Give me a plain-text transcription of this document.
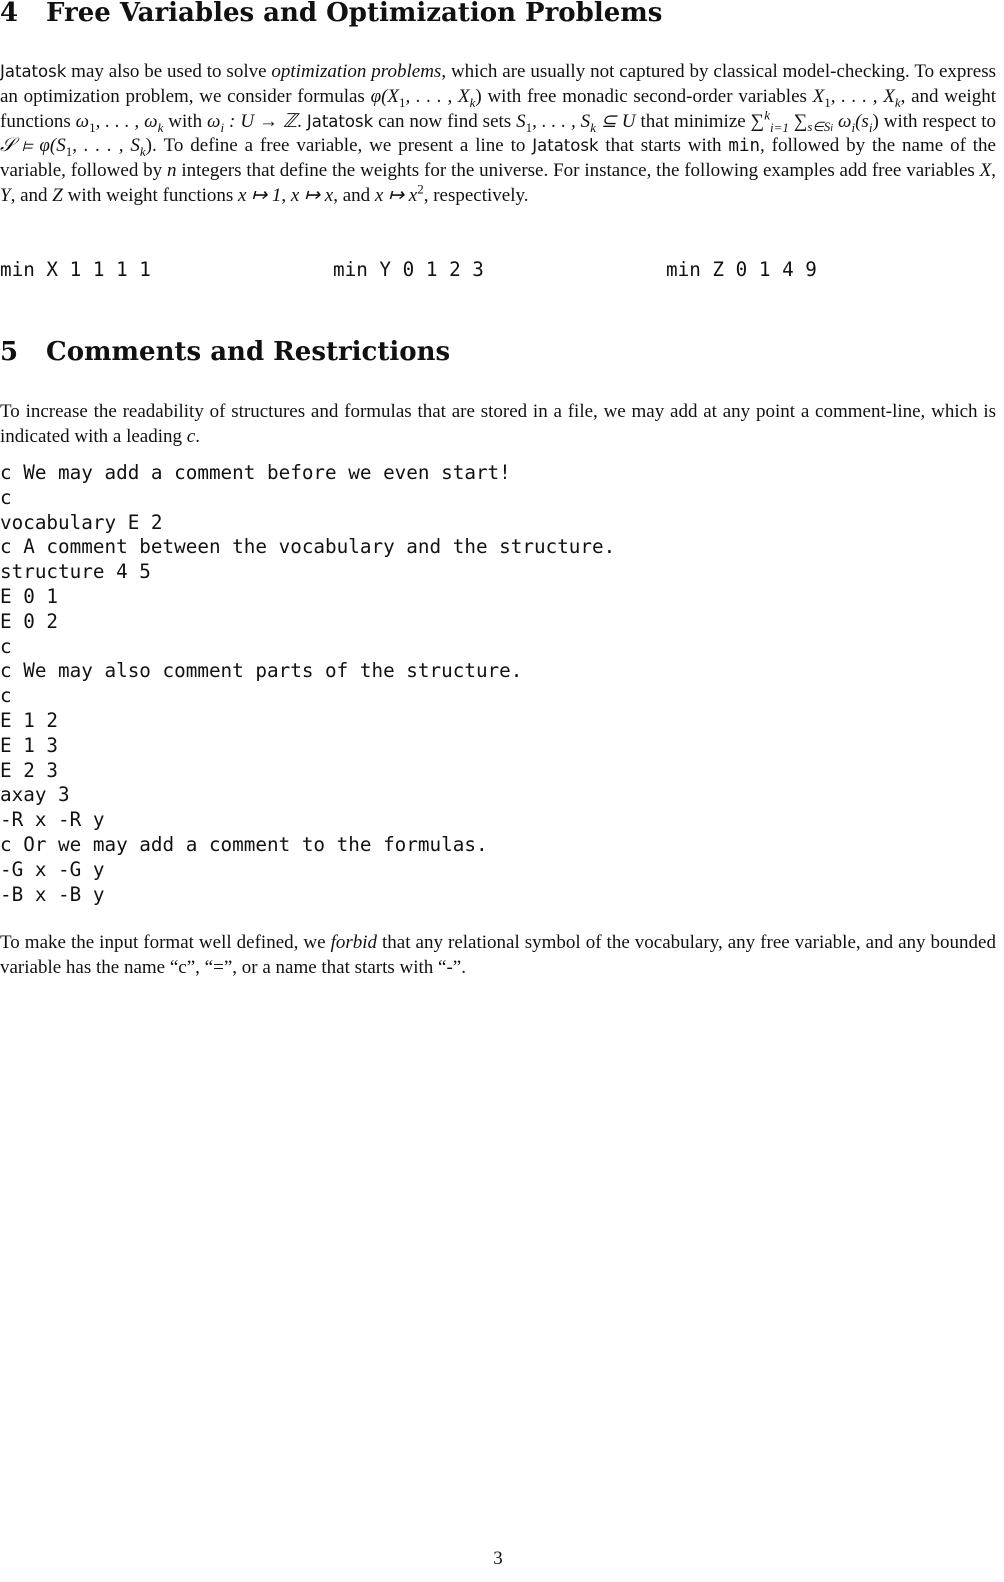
4 Free Variables and Optimization Problems

Jatatosk may also be used to solve optimization problems, which are usually not captured by classical model-checking. To express an optimization problem, we consider formulas $\varphi(X_1$, . . . , $X_k$) with free monadic second-order variables $X_1$, . . . , $X_k$, and weight functions $\omega_1$, . . . , $\omega_k$ with $\omega_i$ : U → ℤ. Jatatosk can now find sets $S_1$, . . . , $S_k$ ⊆ U that minimize ∑$^k_{i=1}$ $\sum_{s\in Si}$ $\omega_i(s_i)$ with respect to 𝒮 ⊨ $\varphi(S_1$, . . . , $S_k$). To define a free variable, we present a line to Jatatosk that starts with min, followed by the name of the variable, followed by n integers that define the weights for the universe. For instance, the following examples add free variables X, Y, and Z with weight functions x ↦ 1, x ↦ x, and x ↦ $x^2$, respectively.

min X 1 1 1 1	min Y 0 1 2 3	min Z 0 1 4 9
5 Comments and Restrictions

To increase the readability of structures and formulas that are stored in a file, we may add at any point a comment-line, which is indicated with a leading c.

c We may add a comment before we even start!
c
vocabulary E 2
c A comment between the vocabulary and the structure.
structure 4 5
E 0 1
E 0 2
c
c We may also comment parts of the structure.
c
E 1 2
E 1 3
E 2 3
axay 3
-R x -R y
c Or we may add a comment to the formulas.
-G x -G y
-B x -B y

To make the input format well defined, we forbid that any relational symbol of the vocabulary, any free variable, and any bounded variable has the name “c”, “=”, or a name that starts with “-”.

3
